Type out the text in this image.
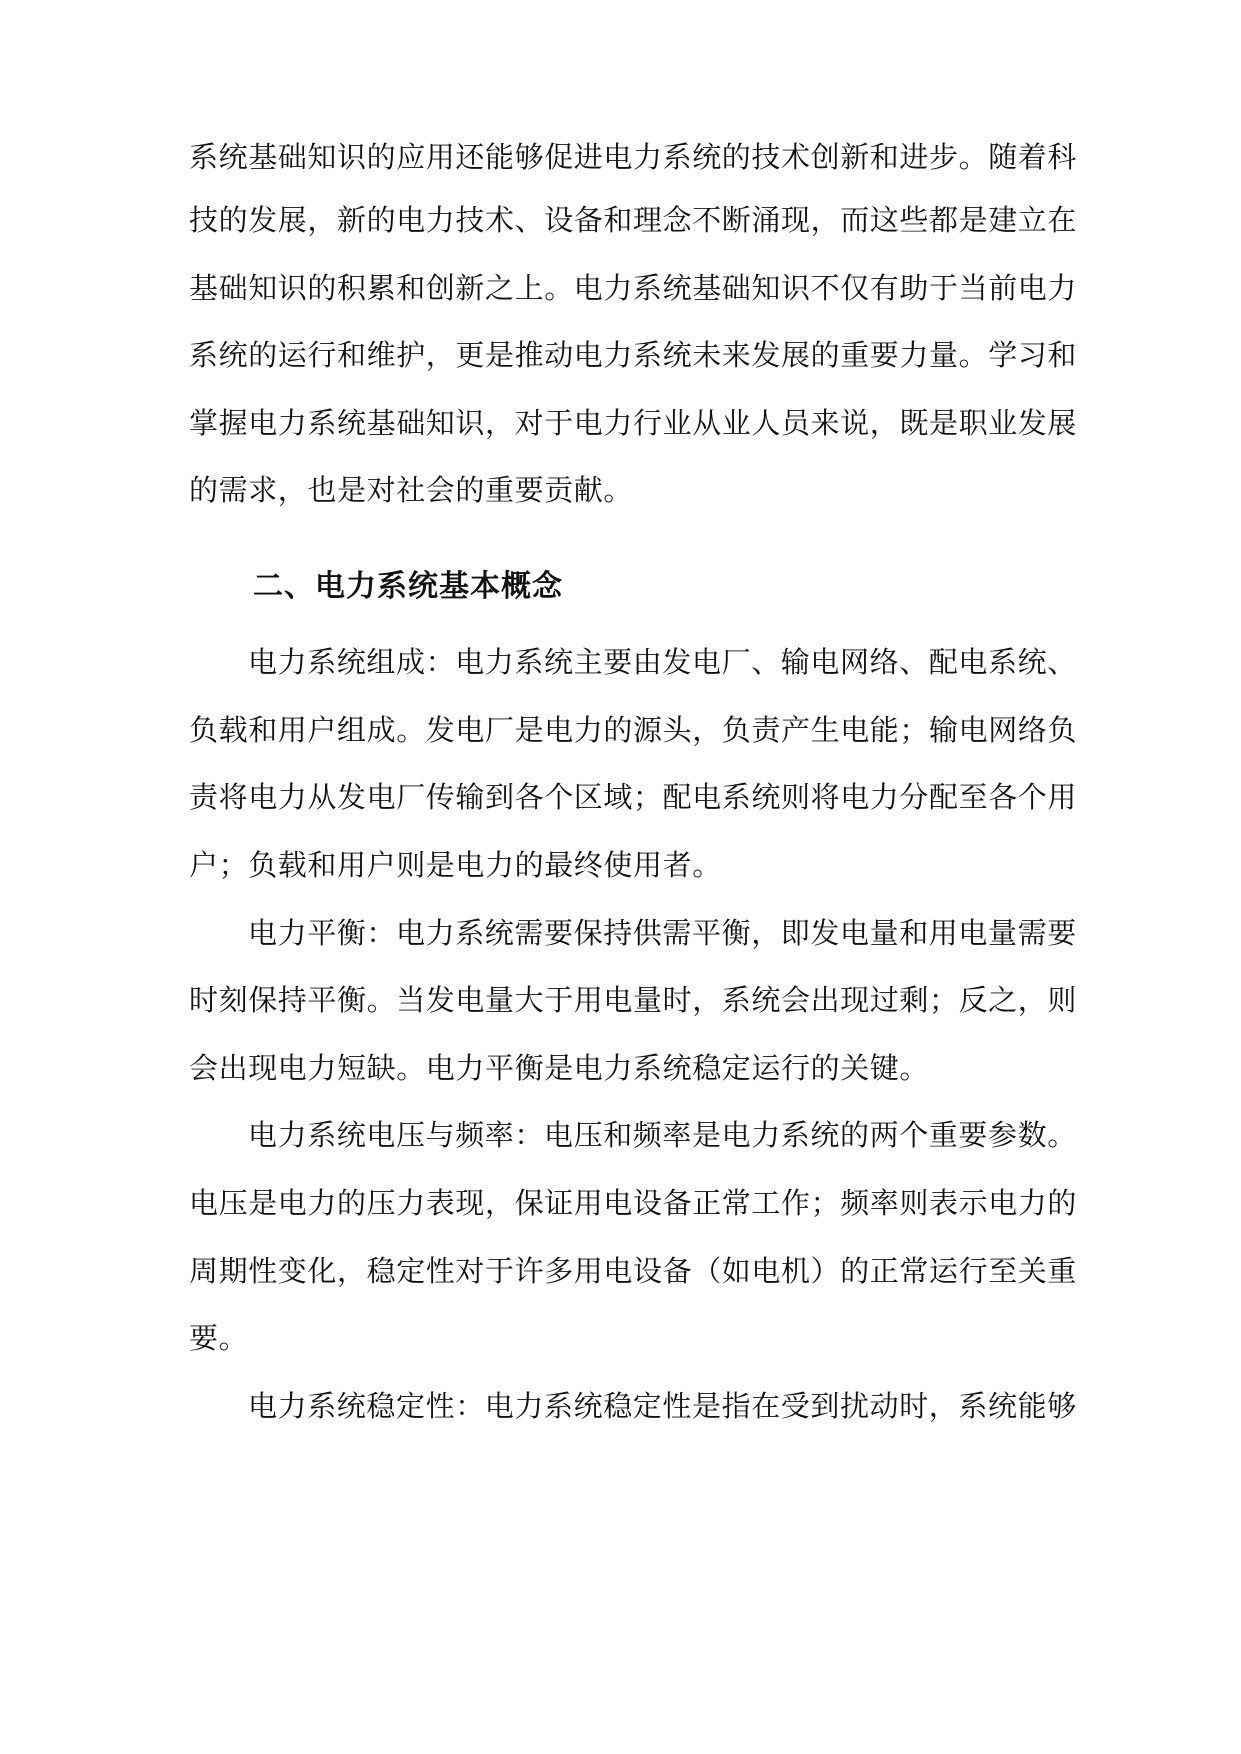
系统基础知识的应用还能够促进电力系统的技术创新和进步。随着科
技的发展，新的电力技术、设备和理念不断涌现，而这些都是建立在
基础知识的积累和创新之上。电力系统基础知识不仅有助于当前电力
系统的运行和维护，更是推动电力系统未来发展的重要力量。学习和
掌握电力系统基础知识，对于电力行业从业人员来说，既是职业发展
的需求，也是对社会的重要贡献。
二、电力系统基本概念
电力系统组成：电力系统主要由发电厂、输电网络、配电系统、
负载和用户组成。发电厂是电力的源头，负责产生电能；输电网络负
责将电力从发电厂传输到各个区域；配电系统则将电力分配至各个用
户；负载和用户则是电力的最终使用者。
电力平衡：电力系统需要保持供需平衡，即发电量和用电量需要
时刻保持平衡。当发电量大于用电量时，系统会出现过剩；反之，则
会出现电力短缺。电力平衡是电力系统稳定运行的关键。
电力系统电压与频率：电压和频率是电力系统的两个重要参数。
电压是电力的压力表现，保证用电设备正常工作；频率则表示电力的
周期性变化，稳定性对于许多用电设备（如电机）的正常运行至关重
要。
电力系统稳定性：电力系统稳定性是指在受到扰动时，系统能够
